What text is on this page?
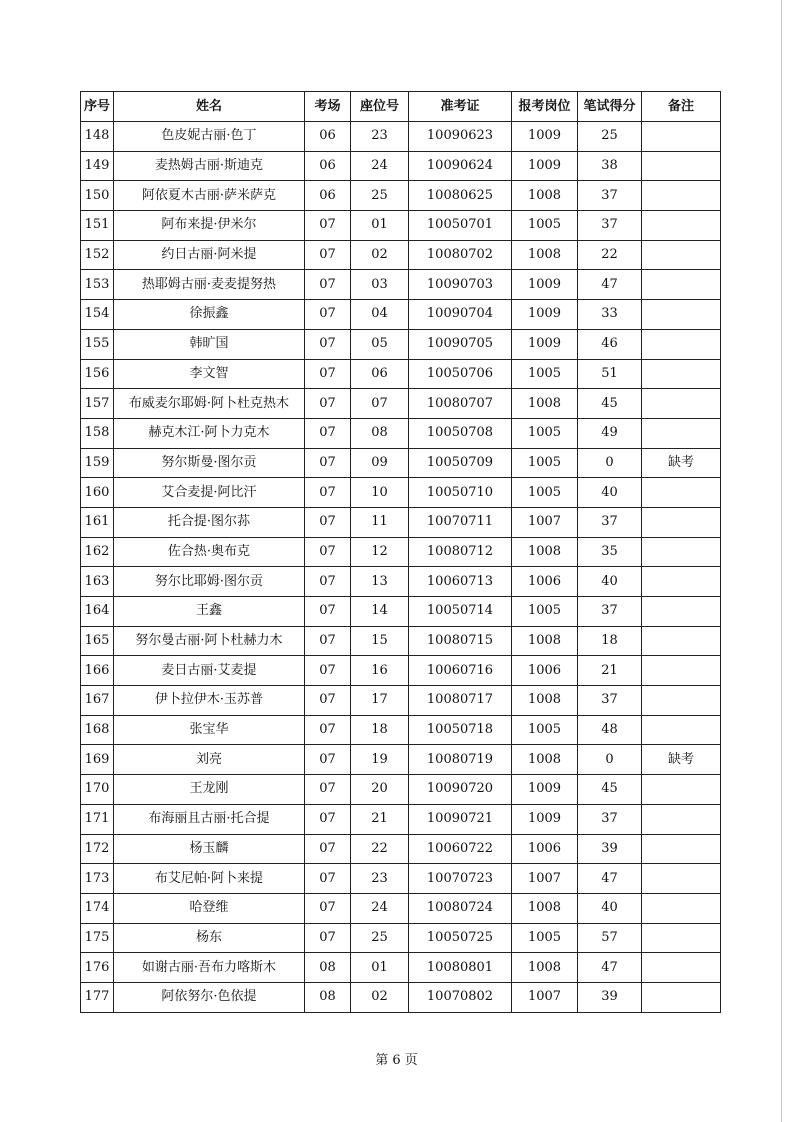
序号	姓名	考场	座位号	准考证	报考岗位	笔试得分	备注
148	色皮妮古丽·色丁	06	23	10090623	1009	25	
149	麦热姆古丽·斯迪克	06	24	10090624	1009	38	
150	阿依夏木古丽·萨米萨克	06	25	10080625	1008	37	
151	阿布来提·伊米尔	07	01	10050701	1005	37	
152	约日古丽·阿米提	07	02	10080702	1008	22	
153	热耶姆古丽·麦麦提努热	07	03	10090703	1009	47	
154	徐振鑫	07	04	10090704	1009	33	
155	韩旷国	07	05	10090705	1009	46	
156	李文智	07	06	10050706	1005	51	
157	布威麦尔耶姆·阿卜杜克热木	07	07	10080707	1008	45	
158	赫克木江·阿卜力克木	07	08	10050708	1005	49	
159	努尔斯曼·图尔贡	07	09	10050709	1005	0	缺考
160	艾合麦提·阿比汗	07	10	10050710	1005	40	
161	托合提·图尔荪	07	11	10070711	1007	37	
162	佐合热·奥布克	07	12	10080712	1008	35	
163	努尔比耶姆·图尔贡	07	13	10060713	1006	40	
164	王鑫	07	14	10050714	1005	37	
165	努尔曼古丽·阿卜杜赫力木	07	15	10080715	1008	18	
166	麦日古丽·艾麦提	07	16	10060716	1006	21	
167	伊卜拉伊木·玉苏普	07	17	10080717	1008	37	
168	张宝华	07	18	10050718	1005	48	
169	刘亮	07	19	10080719	1008	0	缺考
170	王龙刚	07	20	10090720	1009	45	
171	布海丽且古丽·托合提	07	21	10090721	1009	37	
172	杨玉麟	07	22	10060722	1006	39	
173	布艾尼帕·阿卜来提	07	23	10070723	1007	47	
174	哈登维	07	24	10080724	1008	40	
175	杨东	07	25	10050725	1005	57	
176	如谢古丽·吾布力喀斯木	08	01	10080801	1008	47	
177	阿依努尔·色依提	08	02	10070802	1007	39	
第 6 页
